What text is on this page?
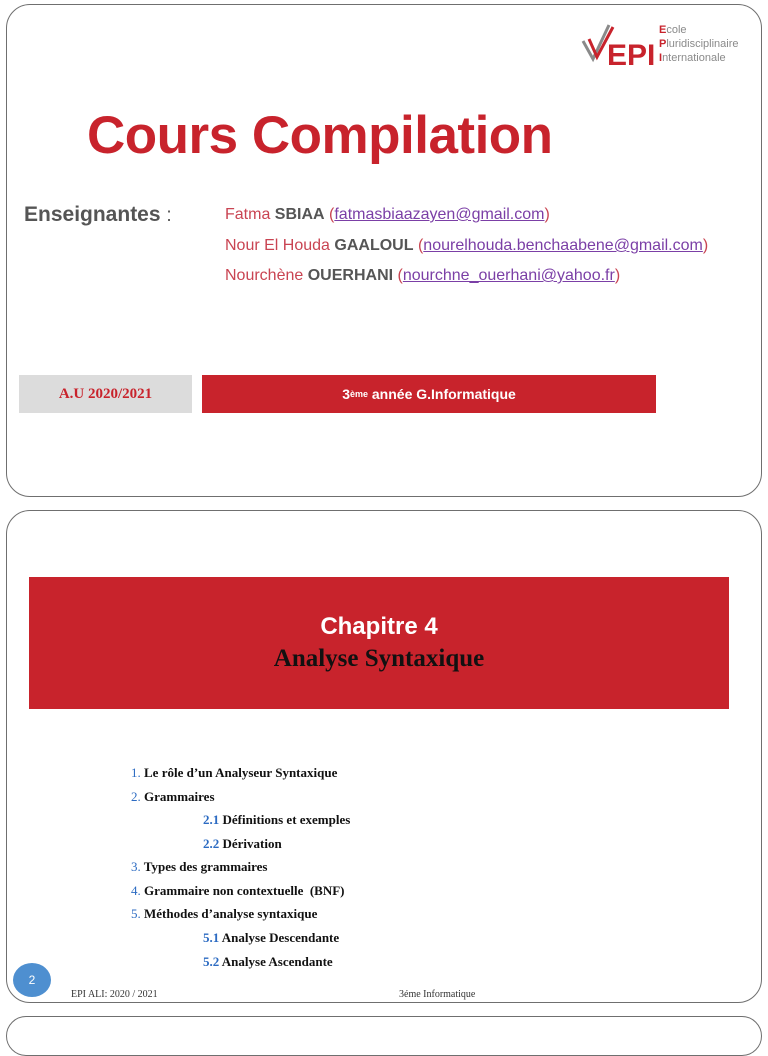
EPI
Ecole
Pluridisciplinaire
Internationale
Cours Compilation
Enseignantes :	Fatma SBIAA (fatmasbiaazayen@gmail.com)
Nour El Houda GAALOUL (nourelhouda.benchaabene@gmail.com)
Nourchène OUERHANI (nourchne_ouerhani@yahoo.fr)
A.U 2020/2021	3 ème année G.Informatique
Chapitre 4
Analyse Syntaxique
1. Le rôle d’un Analyseur Syntaxique
2. Grammaires
2.1 Définitions et exemples
2.2 Dérivation
3. Types des grammaires
4. Grammaire non contextuelle  (BNF)
5. Méthodes d’analyse syntaxique
5.1 Analyse Descendante
5.2 Analyse Ascendante
2
EPI ALI: 2020 / 2021	3éme Informatique
